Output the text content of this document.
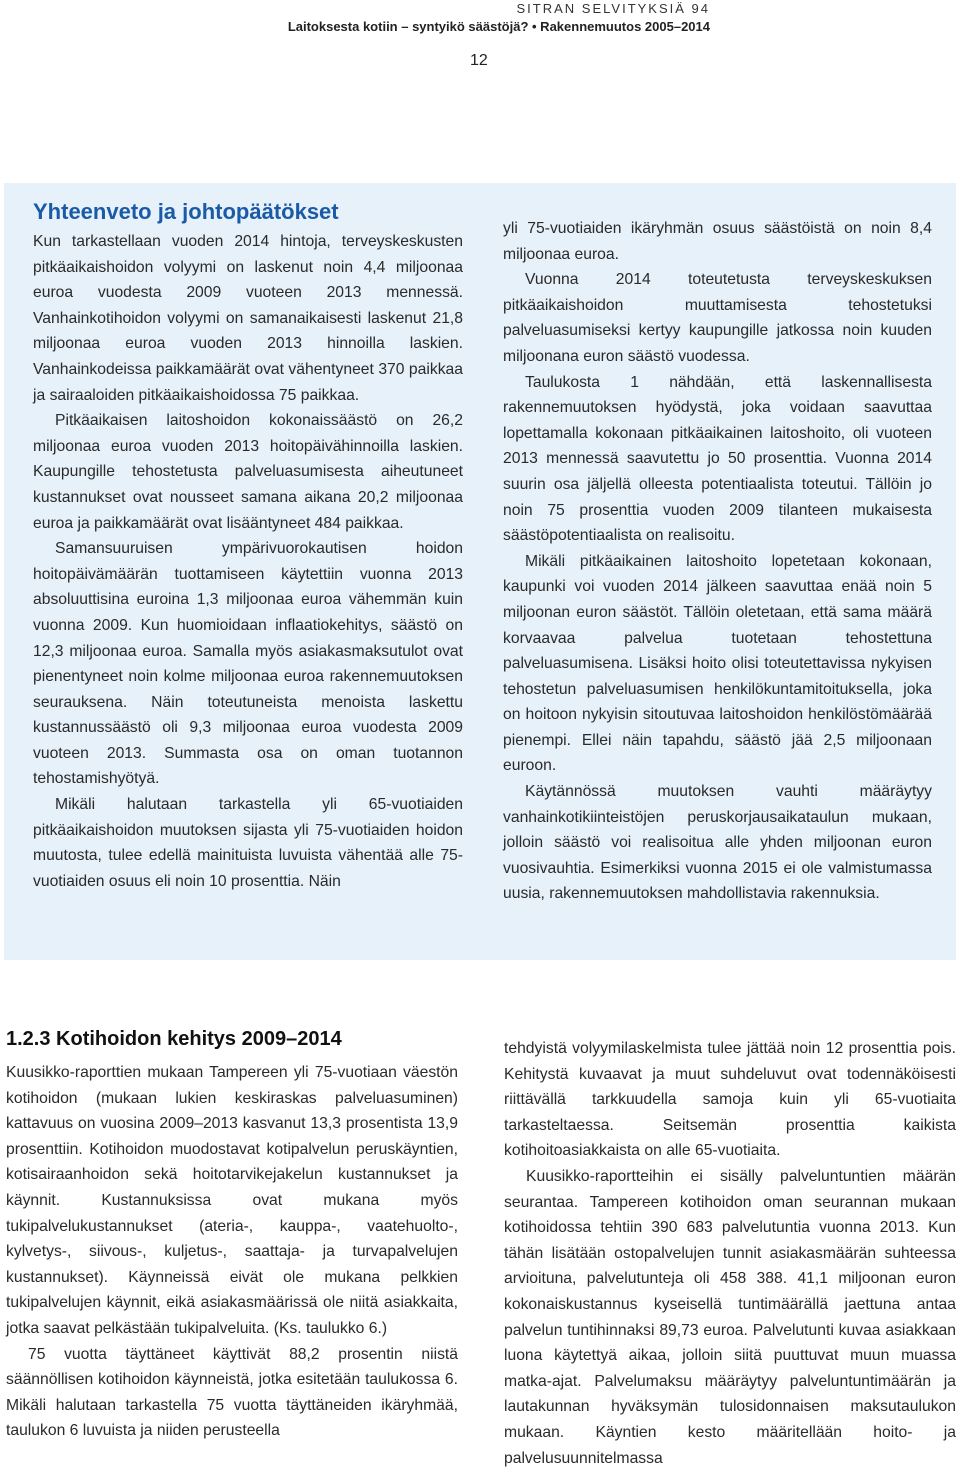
SITRAN SELVITYKSIÄ 94
Laitoksesta kotiin – syntyikö säästöjä? • Rakennemuutos 2005–2014
12
Yhteenveto ja johtopäätökset

Kun tarkastellaan vuoden 2014 hintoja, terveyskeskusten pitkäaikaishoidon volyymi on laskenut noin 4,4 miljoonaa euroa vuodesta 2009 vuoteen 2013 mennessä. Vanhainkotihoidon volyymi on samanaikaisesti laskenut 21,8 miljoonaa euroa vuoden 2013 hinnoilla laskien. Vanhainkodeissa paikkamäärät ovat vähentyneet 370 paikkaa ja sairaaloiden pitkäaikaishoidossa 75 paikkaa.

Pitkäaikaisen laitoshoidon kokonaissäästö on 26,2 miljoonaa euroa vuoden 2013 hoitopäivähinnoilla laskien. Kaupungille tehostetusta palveluasumisesta aiheutuneet kustannukset ovat nousseet samana aikana 20,2 miljoonaa euroa ja paikkamäärät ovat lisääntyneet 484 paikkaa.

Samansuuruisen ympärivuorokautisen hoidon hoitopäivämäärän tuottamiseen käytettiin vuonna 2013 absoluuttisina euroina 1,3 miljoonaa euroa vähemmän kuin vuonna 2009. Kun huomioidaan inflaatiokehitys, säästö on 12,3 miljoonaa euroa. Samalla myös asiakasmaksutulot ovat pienentyneet noin kolme miljoonaa euroa rakennemuutoksen seurauksena. Näin toteutuneista menoista laskettu kustannussäästö oli 9,3 miljoonaa euroa vuodesta 2009 vuoteen 2013. Summasta osa on oman tuotannon tehostamishyötyä.

Mikäli halutaan tarkastella yli 65-vuotiaiden pitkäaikaishoidon muutoksen sijasta yli 75-vuotiaiden hoidon muutosta, tulee edellä mainituista luvuista vähentää alle 75-vuotiaiden osuus eli noin 10 prosenttia. Näin

yli 75-vuotiaiden ikäryhmän osuus säästöistä on noin 8,4 miljoonaa euroa.

Vuonna 2014 toteutetusta terveyskeskuksen pitkäaikaishoidon muuttamisesta tehostetuksi palveluasumiseksi kertyy kaupungille jatkossa noin kuuden miljoonana euron säästö vuodessa.

Taulukosta 1 nähdään, että laskennallisesta rakennemuutoksen hyödystä, joka voidaan saavuttaa lopettamalla kokonaan pitkäaikainen laitoshoito, oli vuoteen 2013 mennessä saavutettu jo 50 prosenttia. Vuonna 2014 suurin osa jäljellä olleesta potentiaalista toteutui. Tällöin jo noin 75 prosenttia vuoden 2009 tilanteen mukaisesta säästöpotentiaalista on realisoitu.

Mikäli pitkäaikainen laitoshoito lopetetaan kokonaan, kaupunki voi vuoden 2014 jälkeen saavuttaa enää noin 5 miljoonan euron säästöt. Tällöin oletetaan, että sama määrä korvaavaa palvelua tuotetaan tehostettuna palveluasumisena. Lisäksi hoito olisi toteutettavissa nykyisen tehostetun palveluasumisen henkilökuntamitoituksella, joka on hoitoon nykyisin sitoutuvaa laitoshoidon henkilöstömäärää pienempi. Ellei näin tapahdu, säästö jää 2,5 miljoonaan euroon.

Käytännössä muutoksen vauhti määräytyy vanhainkotikiinteistöjen peruskorjausaikataulun mukaan, jolloin säästö voi realisoitua alle yhden miljoonan euron vuosivauhtia. Esimerkiksi vuonna 2015 ei ole valmistumassa uusia, rakennemuutoksen mahdollistavia rakennuksia.

1.2.3 Kotihoidon kehitys 2009–2014

Kuusikko-raporttien mukaan Tampereen yli 75-vuotiaan väestön kotihoidon (mukaan lukien keskiraskas palveluasuminen) kattavuus on vuosina 2009–2013 kasvanut 13,3 prosentista 13,9 prosenttiin. Kotihoidon muodostavat kotipalvelun peruskäyntien, kotisairaanhoidon sekä hoitotarvikejakelun kustannukset ja käynnit. Kustannuksissa ovat mukana myös tukipalvelukustannukset (ateria-, kauppa-, vaatehuolto-, kylvetys-, siivous-, kuljetus-, saattaja- ja turvapalvelujen kustannukset). Käynneissä eivät ole mukana pelkkien tukipalvelujen käynnit, eikä asiakasmäärissä ole niitä asiakkaita, jotka saavat pelkästään tukipalveluita. (Ks. taulukko 6.)

75 vuotta täyttäneet käyttivät 88,2 prosentin niistä säännöllisen kotihoidon käynneistä, jotka esitetään taulukossa 6. Mikäli halutaan tarkastella 75 vuotta täyttäneiden ikäryhmää, taulukon 6 luvuista ja niiden perusteella

tehdyistä volyymilaskelmista tulee jättää noin 12 prosenttia pois. Kehitystä kuvaavat ja muut suhdeluvut ovat todennäköisesti riittävällä tarkkuudella samoja kuin yli 65-vuotiaita tarkasteltaessa. Seitsemän prosenttia kaikista kotihoitoasiakkaista on alle 65-vuotiaita.

Kuusikko-raportteihin ei sisälly palveluntuntien määrän seurantaa. Tampereen kotihoidon oman seurannan mukaan kotihoidossa tehtiin 390 683 palvelutuntia vuonna 2013. Kun tähän lisätään ostopalvelujen tunnit asiakasmäärän suhteessa arvioituna, palvelutunteja oli 458 388. 41,1 miljoonan euron kokonaiskustannus kyseisellä tuntimäärällä jaettuna antaa palvelun tuntihinnaksi 89,73 euroa. Palvelutunti kuvaa asiakkaan luona käytettyä aikaa, jolloin siitä puuttuvat muun muassa matka-ajat. Palvelumaksu määräytyy palveluntuntimäärän ja lautakunnan hyväksymän tulosidonnaisen maksutaulukon mukaan. Käyntien kesto määritellään hoito- ja palvelusuunnitelmassa
